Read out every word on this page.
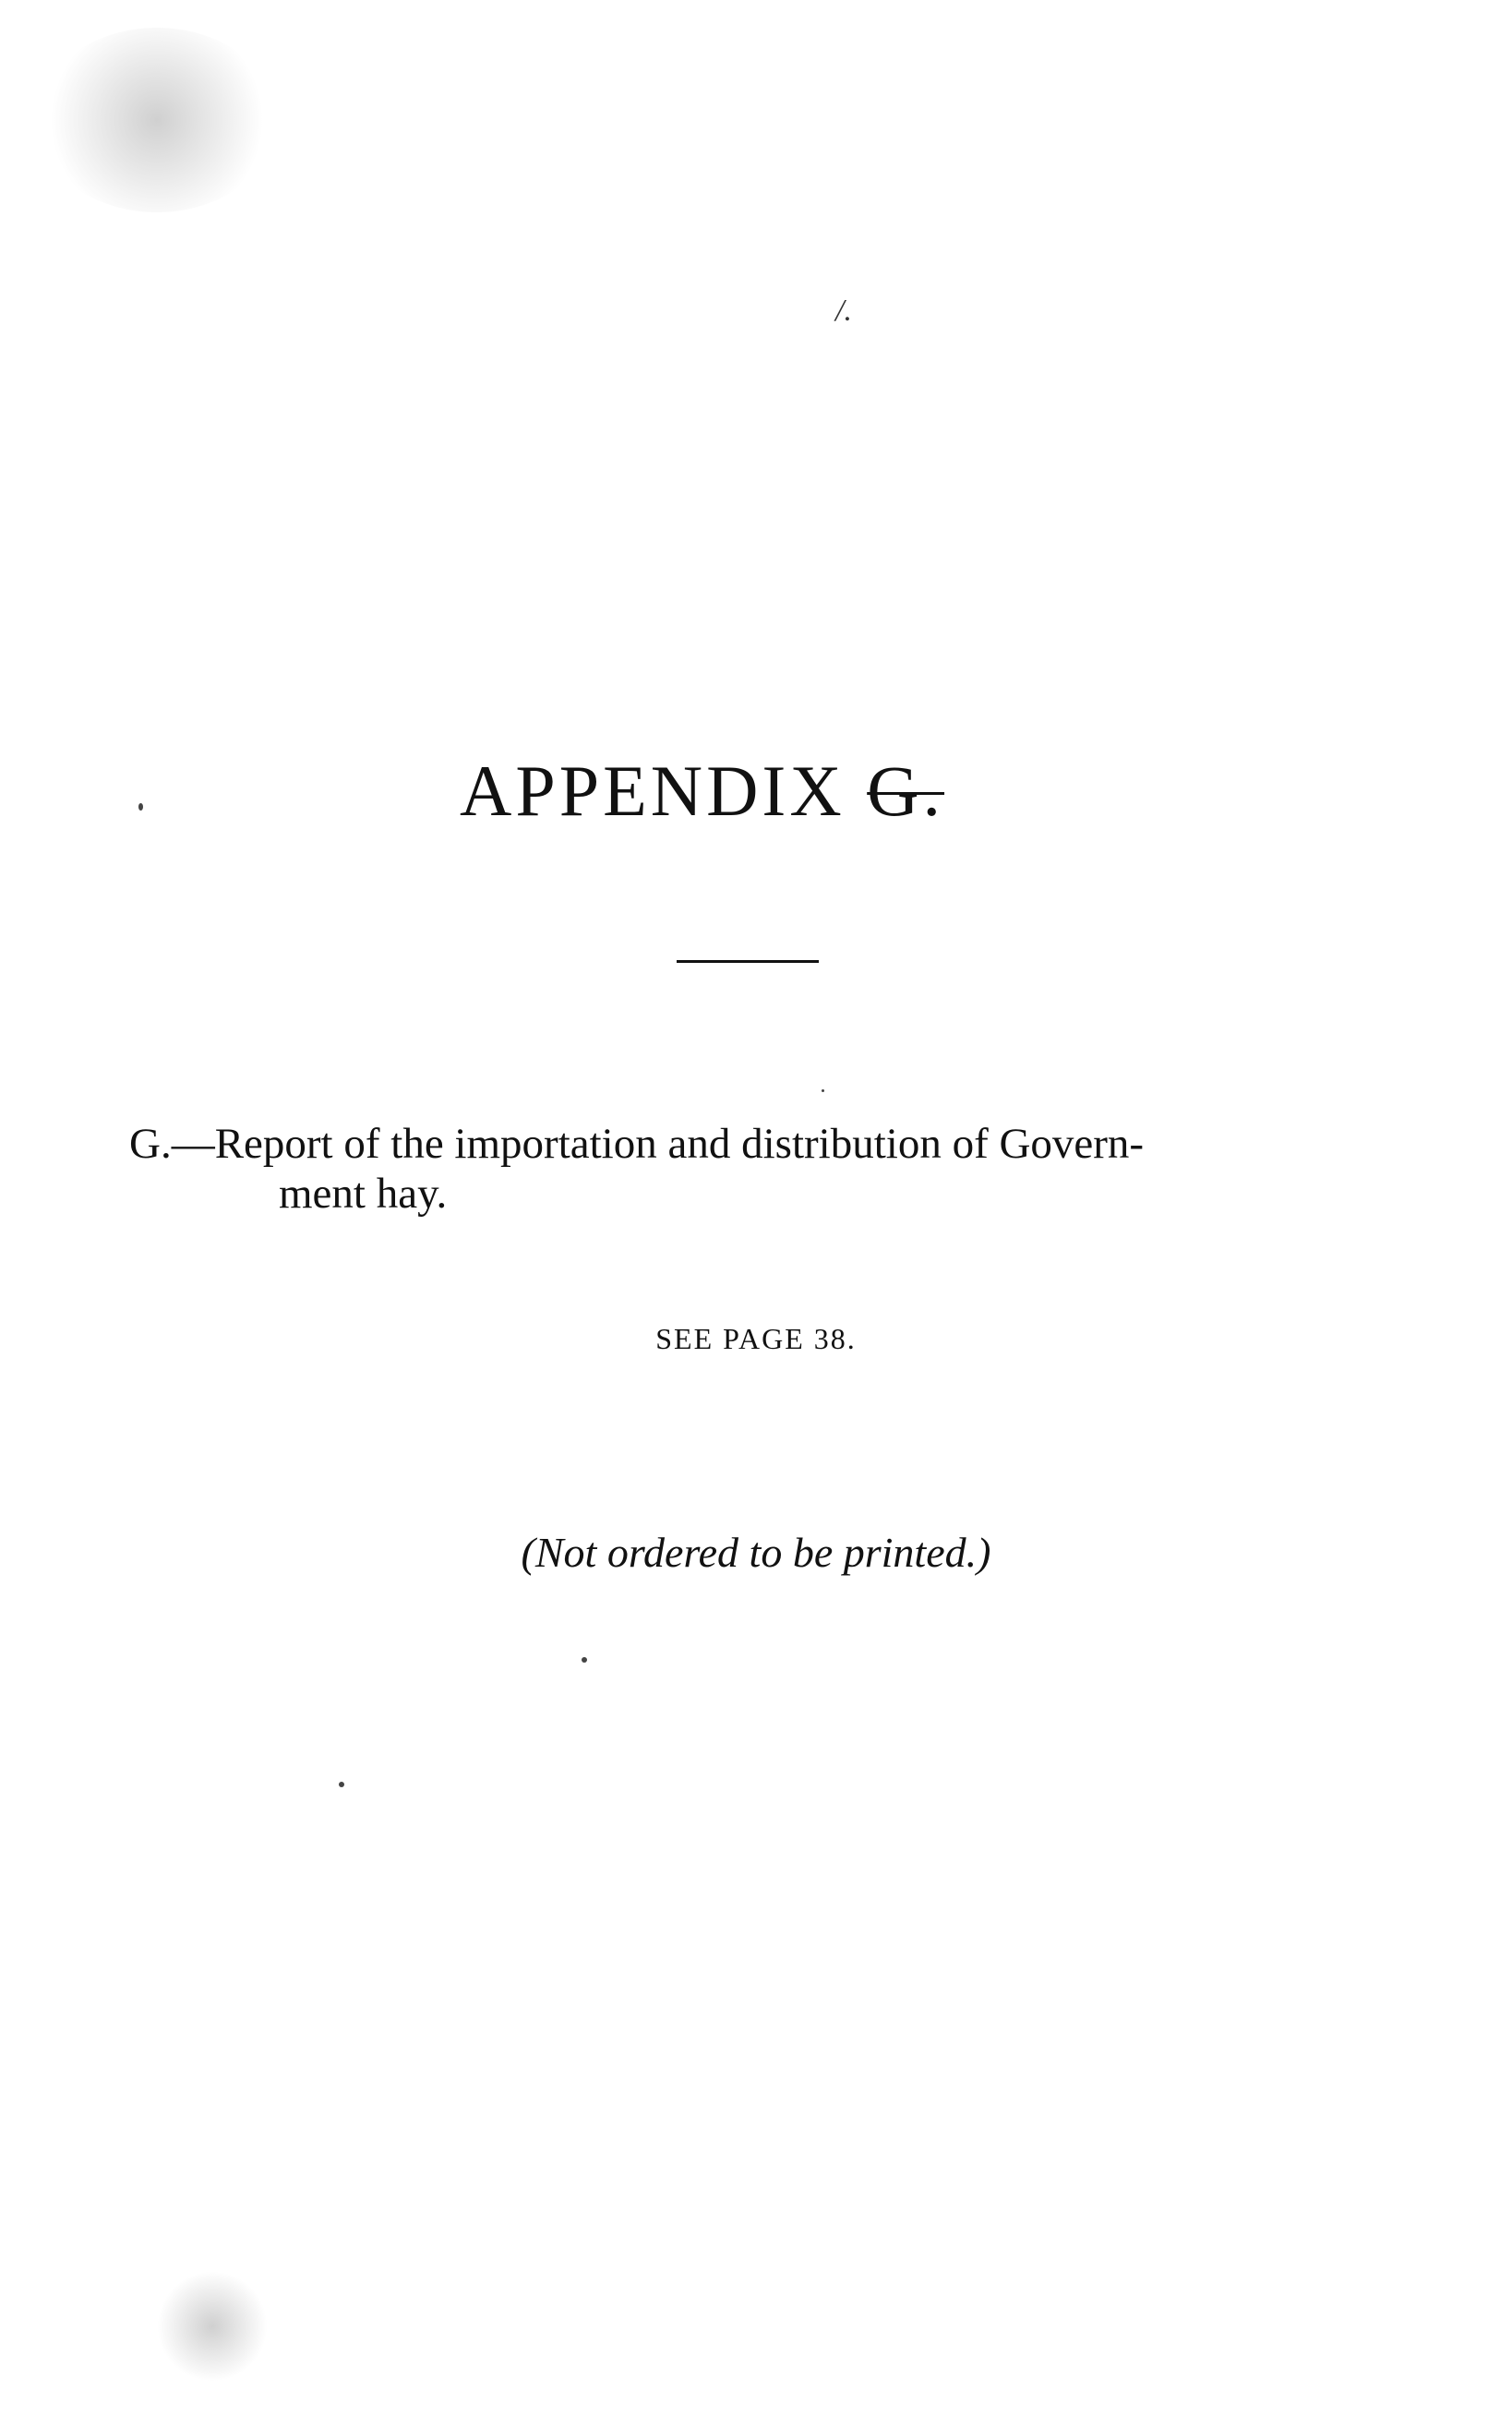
/.
APPENDIX G.
G.—Report of the importation and distribution of Govern-
ment hay.
SEE PAGE 38.
(Not ordered to be printed.)
